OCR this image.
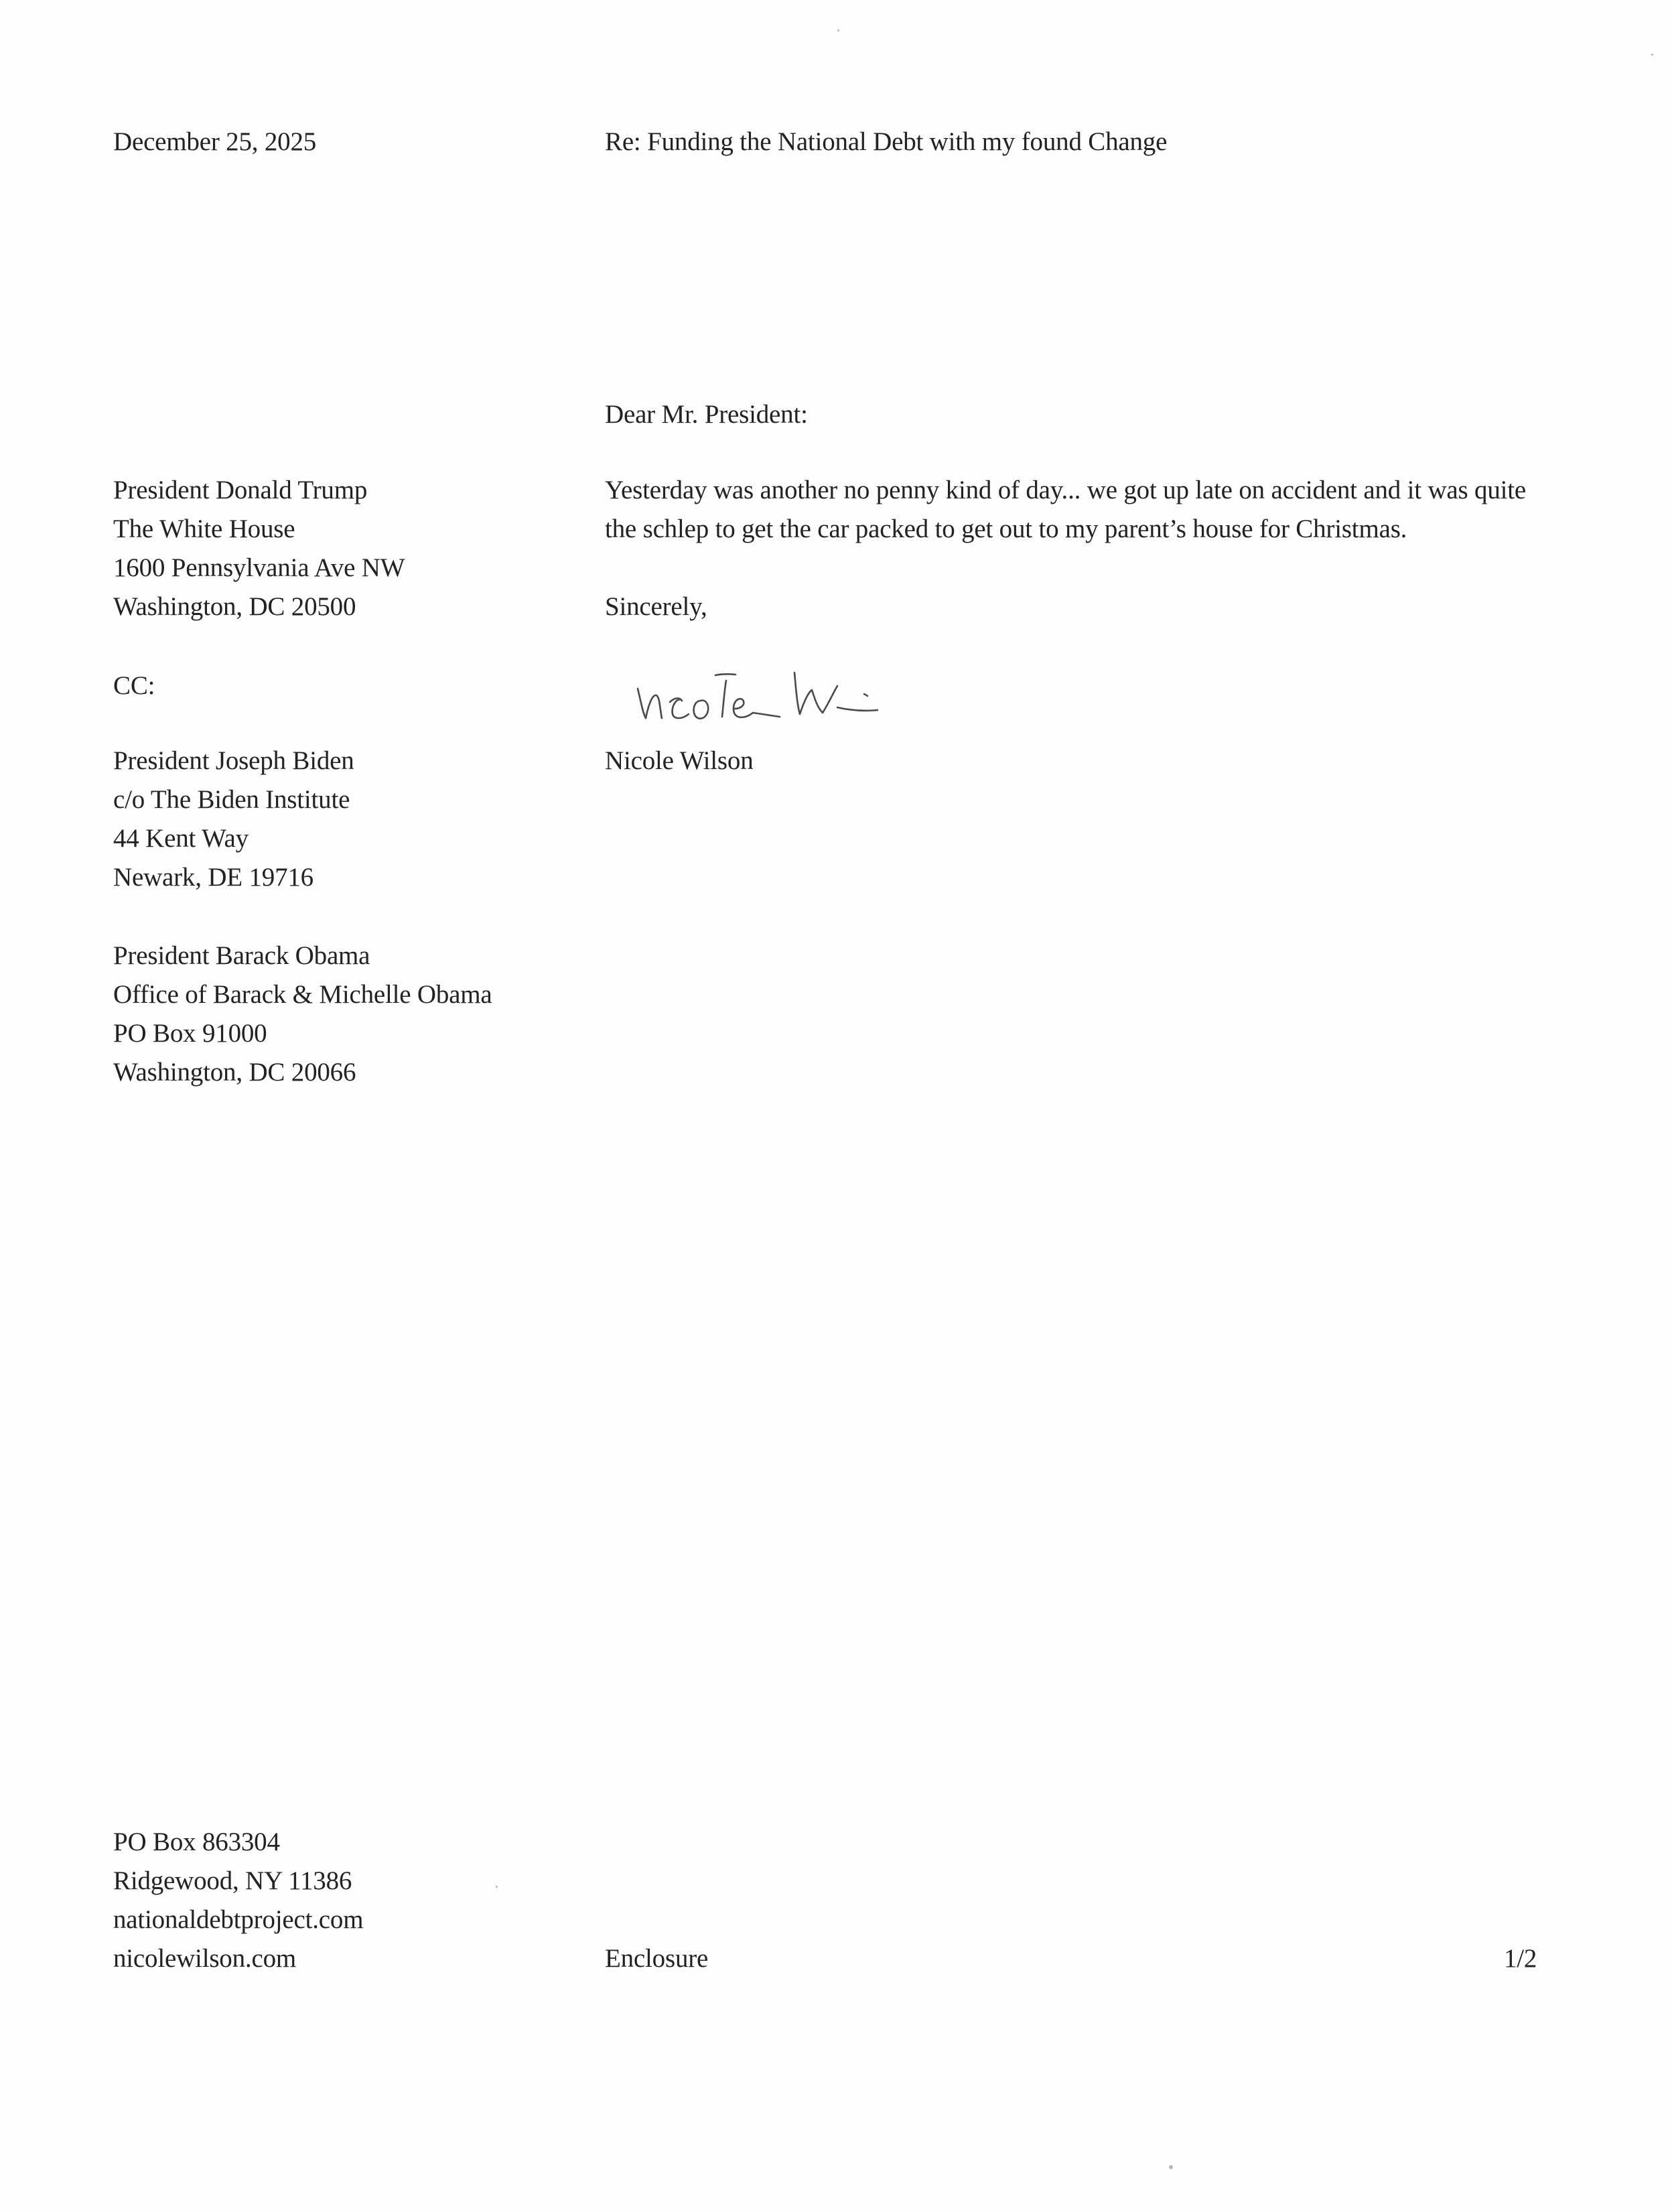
December 25, 2025	Re: Funding the National Debt with my found Change
Dear Mr. President:
President Donald Trump
The White House
1600 Pennsylvania Ave NW
Washington, DC 20500
Yesterday was another no penny kind of day... we got up late on accident and it was quite the schlep to get the car packed to get out to my parent’s house for Christmas.
Sincerely,
CC:
Nicole Wilson
President Joseph Biden
c/o The Biden Institute
44 Kent Way
Newark, DE 19716
President Barack Obama
Office of Barack & Michelle Obama
PO Box 91000
Washington, DC 20066
PO Box 863304
Ridgewood, NY 11386
nationaldebtproject.com
nicolewilson.com	Enclosure	1/2
